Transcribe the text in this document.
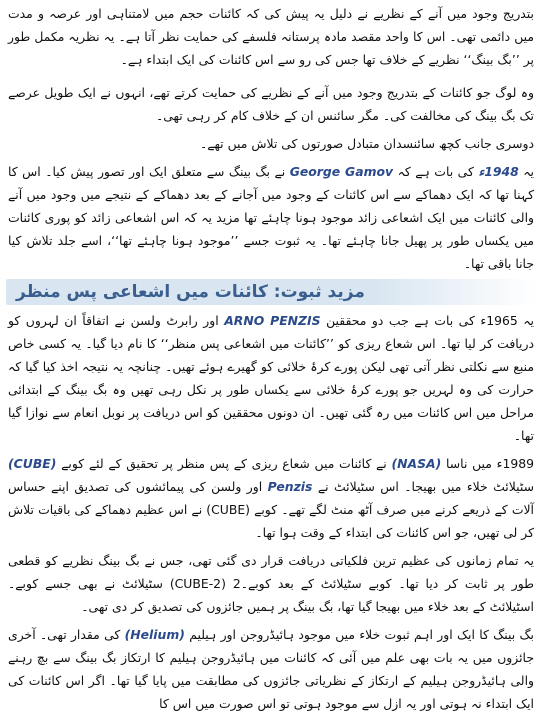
بتدریج وجود میں آنے کے نظریے نے دلیل یہ پیش کی کہ کائنات حجم میں لامتناہی اور عرصہ و مدت میں دائمی تھی۔ اس کا واحد مقصد مادہ پرستانہ فلسفے کی حمایت نظر آتا ہے۔ یہ نظریہ مکمل طور پر ’’بگ بینگ‘‘ نظریے کے خلاف تھا جس کی رو سے اس کائنات کی ایک ابتداء ہے۔

وہ لوگ جو کائنات کے بتدریج وجود میں آنے کے نظریے کی حمایت کرتے تھے، انہوں نے ایک طویل عرصے تک بگ بینگ کی مخالفت کی۔ مگر سائنس ان کے خلاف کام کر رہی تھی۔

دوسری جانب کچھ سائنسدان متبادل صورتوں کی تلاش میں تھے۔

یہ 1948ء کی بات ہے کہ George Gamov نے بگ بینگ سے متعلق ایک اور تصور پیش کیا۔ اس کا کہنا تھا کہ ایک دھماکے سے اس کائنات کے وجود میں آجانے کے بعد دھماکے کے نتیجے میں وجود میں آنے والی کائنات میں ایک اشعاعی زائد موجود ہونا چاہئے تھا مزید یہ کہ اس اشعاعی زائد کو پوری کائنات میں یکساں طور پر پھیل جانا چاہئے تھا۔ یہ ثبوت جسے ’’موجود ہونا چاہئے تھا‘‘، اسے جلد تلاش کیا جانا باقی تھا۔

مزید ثبوت: کائنات میں اشعاعی پس منظر

یہ 1965ء کی بات ہے جب دو محققین ARNO PENZIS اور رابرٹ ولسن نے اتفاقاً ان لہروں کو دریافت کر لیا تھا۔ اس شعاع ریزی کو ’’کائنات میں اشعاعی پس منظر‘‘ کا نام دیا گیا۔ یہ کسی خاص منبع سے نکلتی نظر آتی تھی لیکن پورے کرۂ خلائی کو گھیرے ہوئے تھیں۔ چنانچہ یہ نتیجہ اخذ کیا گیا کہ حرارت کی وہ لہریں جو پورے کرۂ خلائی سے یکساں طور پر نکل رہی تھیں وہ بگ بینگ کے ابتدائی مراحل میں اس کائنات میں رہ گئی تھیں۔ ان دونوں محققین کو اس دریافت پر نوبل انعام سے نوازا گیا تھا۔

1989ء میں ناسا (NASA) نے کائنات میں شعاع ریزی کے پس منظر پر تحقیق کے لئے کوبے (CUBE) سٹیلائٹ خلاء میں بھیجا۔ اس سٹیلائٹ نے Penzis اور ولسن کی پیمائشوں کی تصدیق اپنے حساس آلات کے ذریعے کرنے میں صرف آٹھ منٹ لگے تھے۔ کوبے (CUBE) نے اس عظیم دھماکے کی باقیات تلاش کر لی تھیں، جو اس کائنات کی ابتداء کے وقت ہوا تھا۔

یہ تمام زمانوں کی عظیم ترین فلکیاتی دریافت قرار دی گئی تھی، جس نے بگ بینگ نظریے کو قطعی طور پر ثابت کر دیا تھا۔ کوبے سٹیلائٹ کے بعد کوبے۔2 (CUBE-2) سٹیلائٹ نے بھی جسے کوبے۔ اسٹیلائٹ کے بعد خلاء میں بھیجا گیا تھا، بگ بینگ پر ہمیں جائزوں کی تصدیق کر دی تھی۔

بگ بینگ کا ایک اور اہم ثبوت خلاء میں موجود ہائیڈروجن اور ہیلیم (Helium) کی مقدار تھی۔ آخری جائزوں میں یہ بات بھی علم میں آئی کہ کائنات میں ہائیڈروجن ہیلیم کا ارتکاز بگ بینگ سے بچ رہنے والی ہائیڈروجن ہیلیم کے ارتکاز کے نظریاتی جائزوں کی مطابقت میں پایا گیا تھا۔ اگر اس کائنات کی ایک ابتداء نہ ہوتی اور یہ ازل سے موجود ہوتی تو اس صورت میں اس کا
